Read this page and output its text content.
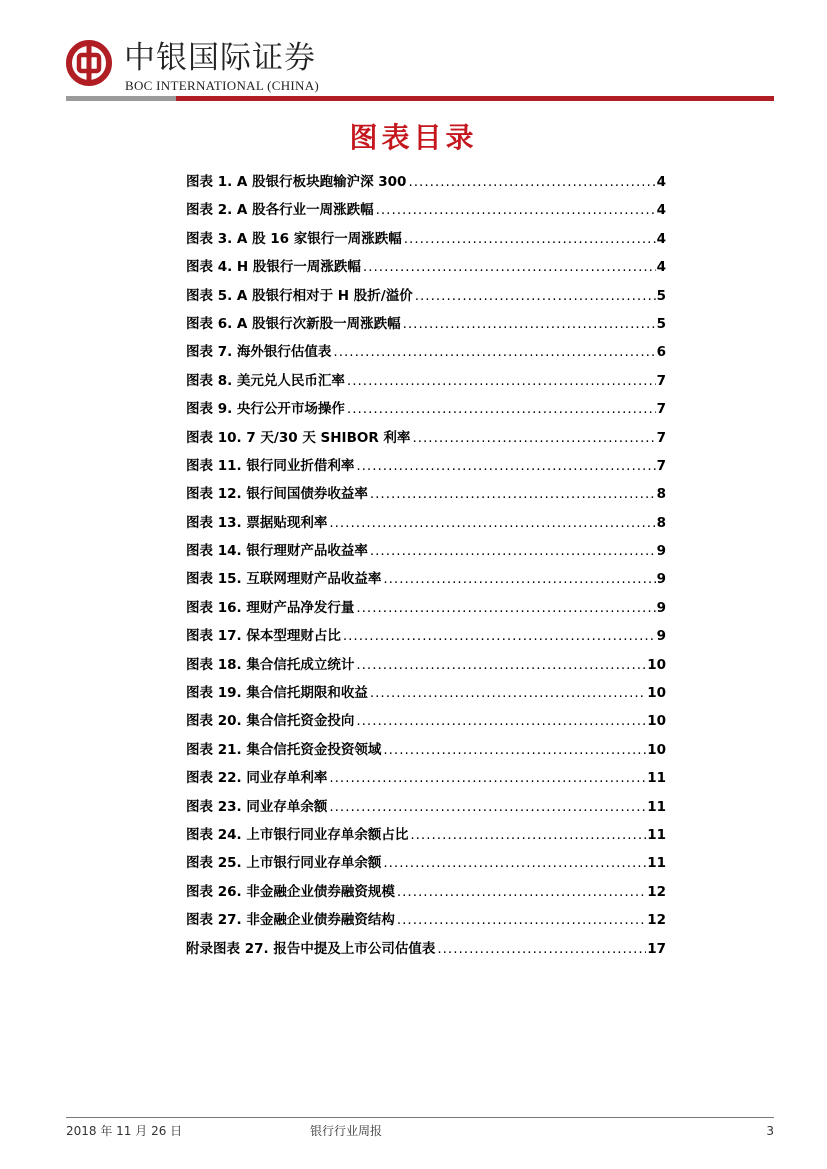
中银国际证券
BOC INTERNATIONAL (CHINA)
图表目录
图表 1. A 股银行板块跑输沪深 300 .....	4
图表 2. A 股各行业一周涨跌幅 .....	4
图表 3. A 股 16 家银行一周涨跌幅 .....	4
图表 4. H 股银行一周涨跌幅 .....	4
图表 5. A 股银行相对于 H 股折/溢价 .....	5
图表 6. A 股银行次新股一周涨跌幅 .....	5
图表 7. 海外银行估值表 .....	6
图表 8. 美元兑人民币汇率 .....	7
图表 9. 央行公开市场操作 .....	7
图表 10. 7 天/30 天 SHIBOR 利率 .....	7
图表 11. 银行同业折借利率 .....	7
图表 12. 银行间国债券收益率 .....	8
图表 13. 票据贴现利率 .....	8
图表 14. 银行理财产品收益率 .....	9
图表 15. 互联网理财产品收益率 .....	9
图表 16. 理财产品净发行量 .....	9
图表 17. 保本型理财占比 .....	9
图表 18. 集合信托成立统计 .....	10
图表 19. 集合信托期限和收益 .....	10
图表 20. 集合信托资金投向 .....	10
图表 21. 集合信托资金投资领域 .....	10
图表 22. 同业存单利率 .....	11
图表 23. 同业存单余额 .....	11
图表 24. 上市银行同业存单余额占比 .....	11
图表 25. 上市银行同业存单余额 .....	11
图表 26. 非金融企业债券融资规模 .....	12
图表 27. 非金融企业债券融资结构 .....	12
附录图表 27. 报告中提及上市公司估值表 .....	17
2018 年 11 月 26 日	银行行业周报	3
